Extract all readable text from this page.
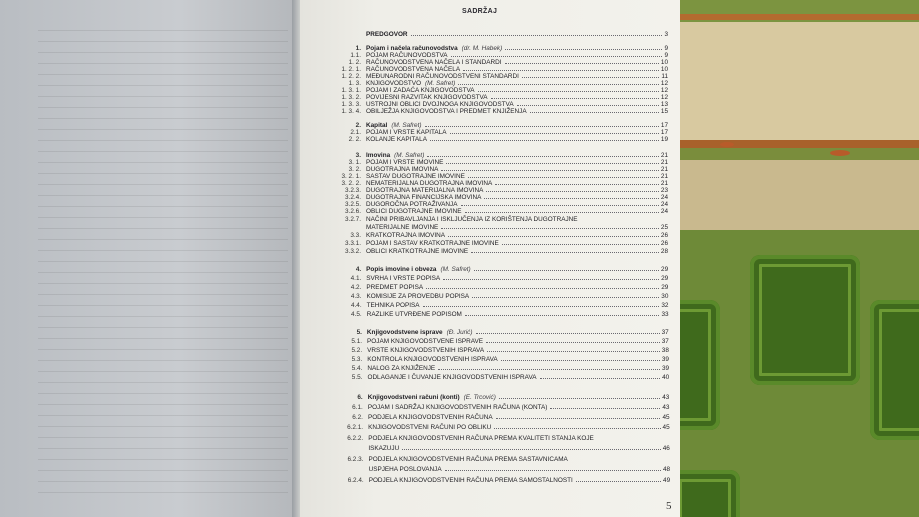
SADRŽAJ
PREDGOVOR	3
1. Pojam i načela računovodstva (dr. M. Habek)	9
1.1. POJAM RAČUNOVODSTVA	9
1. 2. RAČUNOVODSTVENA NAČELA I STANDARDI	10
1. 2. 1. RAČUNOVODSTVENA NAČELA	10
1. 2. 2. MEĐUNARODNI RAČUNOVODSTVENI STANDARDI	11
1. 3. KNJIGOVODSTVO (M. Safret)	12
1. 3. 1. POJAM I ZADAĆA KNJIGOVODSTVA	12
1. 3. 2. POVIJESNI RAZVITAK KNJIGOVODSTVA	12
1. 3. 3. USTROJNI OBLICI DVOJNOGA KNJIGOVODSTVA	13
1. 3. 4. OBILJEŽJA KNJIGOVODSTVA I PREDMET KNJIŽENJA	15
2. Kapital (M. Safret)	17
2.1. POJAM I VRSTE KAPITALA	17
2. 2. KOLANJE KAPITALA	19
3. Imovina (M. Safret)	21
3. 1. POJAM I VRSTE IMOVINE	21
3. 2. DUGOTRAJNA IMOVINA	21
3. 2. 1. SASTAV DUGOTRAJNE IMOVINE	21
3. 2. 2. NEMATERIJALNA DUGOTRAJNA IMOVINA	21
3.2.3. DUGOTRAJNA MATERIJALNA IMOVINA	23
3.2.4. DUGOTRAJNA FINANCIJSKA IMOVINA	24
3.2.5. DUGOROČNA POTRAŽIVANJA	24
3.2.6. OBLICI DUGOTRAJNE IMOVINE	24
3.2.7. NAČINI PRIBAVLJANJA I ISKLJUČENJA IZ KORIŠTENJA DUGOTRAJNE
MATERIJALNE IMOVINE	25
3.3. KRATKOTRAJNA IMOVINA	26
3.3.1. POJAM I SASTAV KRATKOTRAJNE IMOVINE	26
3.3.2. OBLICI KRATKOTRAJNE IMOVINE	28
4. Popis imovine i obveza (M. Safret)	29
4.1. SVRHA I VRSTE POPISA	29
4.2. PREDMET POPISA	29
4.3. KOMISIJE ZA PROVEDBU POPISA	30
4.4. TEHNIKA POPISA	32
4.5. RAZLIKE UTVRĐENE POPISOM	33
5. Knjigovodstvene isprave (Đ. Jurić)	37
5.1. POJAM KNJIGOVODSTVENE ISPRAVE	37
5.2. VRSTE KNJIGOVODSTVENIH ISPRAVA	38
5.3. KONTROLA KNJIGOVODSTVENIH ISPRAVA	39
5.4. NALOG ZA KNJIŽENJE	39
5.5. ODLAGANJE I ČUVANJE KNJIGOVODSTVENIH ISPRAVA	40
6. Knjigovodstveni računi (konti) (E. Trcović)	43
6.1. POJAM I SADRŽAJ KNJIGOVODSTVENIH RAČUNA (KONTA)	43
6.2. PODJELA KNJIGOVODSTVENIH RAČUNA	45
6.2.1. KNJIGOVODSTVENI RAČUNI PO OBLIKU	45
6.2.2. PODJELA KNJIGOVODSTVENIH RAČUNA PREMA KVALITETI STANJA KOJE
ISKAZUJU	46
6.2.3. PODJELA KNJIGOVODSTVENIH RAČUNA PREMA SASTAVNICAMA
USPJEHA POSLOVANJA	48
6.2.4. PODJELA KNJIGOVODSTVENIH RAČUNA PREMA SAMOSTALNOSTI	49
5
